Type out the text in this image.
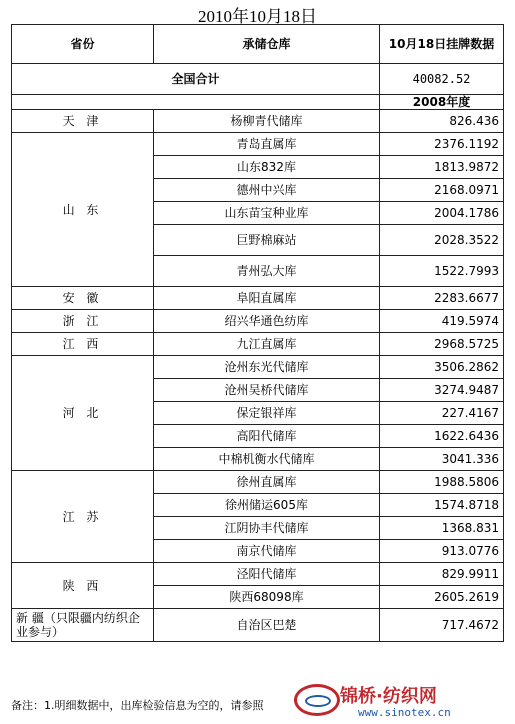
2010年10月18日
省份	承储仓库	10月18日挂牌数据
全国合计		40082.52
		2008年度
天 津	杨柳青代储库	826.436
山 东	青岛直属库	2376.1192
	山东832库	1813.9872
	德州中兴库	2168.0971
	山东苗宝种业库	2004.1786
	巨野棉麻站	2028.3522
	青州弘大库	1522.7993
安 徽	阜阳直属库	2283.6677
浙 江	绍兴华通色纺库	419.5974
江 西	九江直属库	2968.5725
河 北	沧州东光代储库	3506.2862
	沧州吴桥代储库	3274.9487
	保定银祥库	227.4167
	高阳代储库	1622.6436
	中棉机衡水代储库	3041.336
江 苏	徐州直属库	1988.5806
	徐州储运605库	1574.8718
	江阴协丰代储库	1368.831
	南京代储库	913.0776
陕 西	泾阳代储库	829.9911
	陕西68098库	2605.2619
新 疆（只限疆内纺织企业参与）	自治区巴楚	717.4672
备注：1.明细数据中，出库检验信息为空的，请参照	锦桥·纺织网
www.sinotex.cn
